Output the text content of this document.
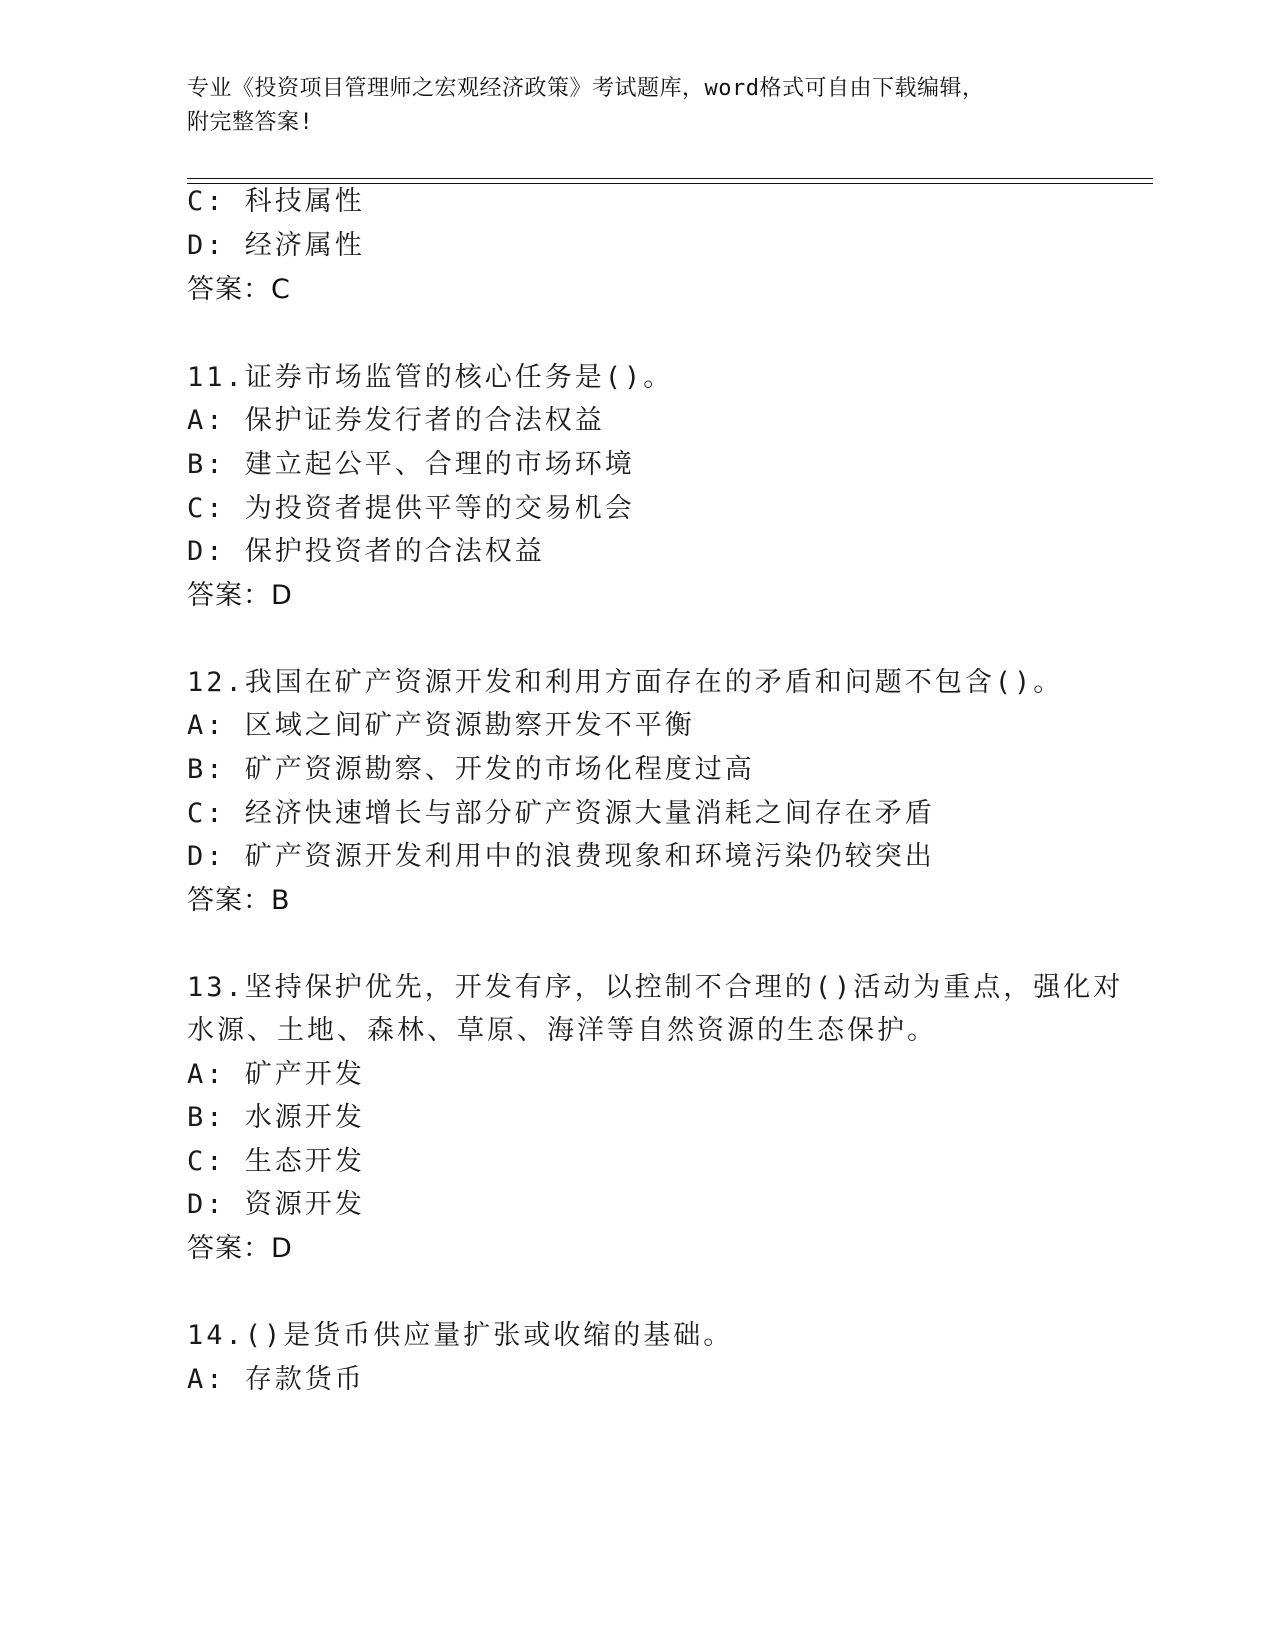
专业《投资项目管理师之宏观经济政策》考试题库，word格式可自由下载编辑，
附完整答案!
C: 科技属性
D: 经济属性
答案：C
11.证券市场监管的核心任务是()。
A: 保护证券发行者的合法权益
B: 建立起公平、合理的市场环境
C: 为投资者提供平等的交易机会
D: 保护投资者的合法权益
答案：D
12.我国在矿产资源开发和利用方面存在的矛盾和问题不包含()。
A: 区域之间矿产资源勘察开发不平衡
B: 矿产资源勘察、开发的市场化程度过高
C: 经济快速增长与部分矿产资源大量消耗之间存在矛盾
D: 矿产资源开发利用中的浪费现象和环境污染仍较突出
答案：B
13.坚持保护优先，开发有序，以控制不合理的()活动为重点，强化对
水源、土地、森林、草原、海洋等自然资源的生态保护。
A: 矿产开发
B: 水源开发
C: 生态开发
D: 资源开发
答案：D
14.()是货币供应量扩张或收缩的基础。
A: 存款货币
